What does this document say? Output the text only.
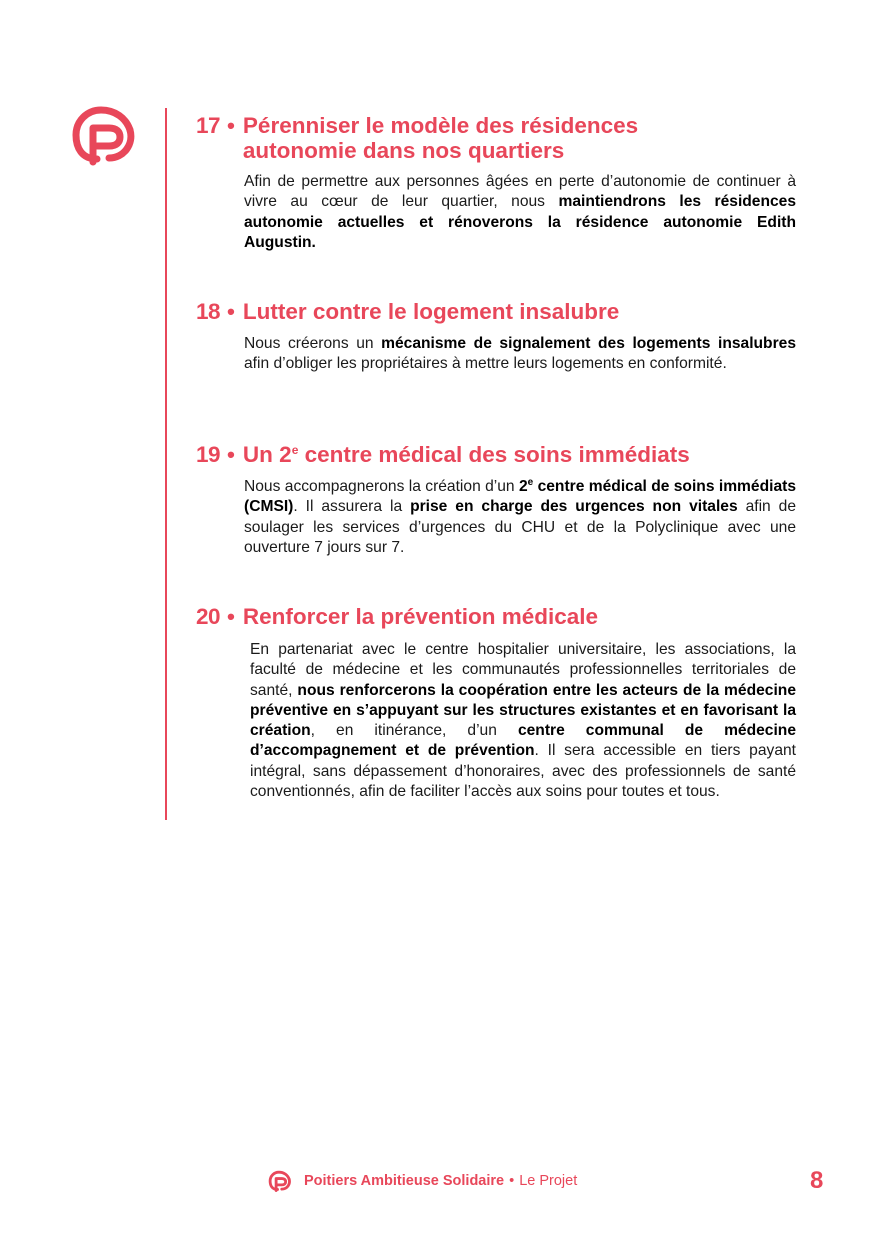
17 • Pérenniser le modèle des résidences
autonomie dans nos quartiers

Afin de permettre aux personnes âgées en perte d’autonomie de continuer à vivre au cœur de leur quartier, nous maintiendrons les résidences autonomie actuelles et rénoverons la résidence autonomie Edith Augustin.

18 • Lutter contre le logement insalubre

Nous créerons un mécanisme de signalement des logements insalubres afin d’obliger les propriétaires à mettre leurs logements en conformité.

19 • Un 2e centre médical des soins immédiats

Nous accompagnerons la création d’un 2e centre médical de soins immédiats (CMSI). Il assurera la prise en charge des urgences non vitales afin de soulager les services d’urgences du CHU et de la Polyclinique avec une ouverture 7 jours sur 7.

20 • Renforcer la prévention médicale

En partenariat avec le centre hospitalier universitaire, les associations, la faculté de médecine et les communautés professionnelles territoriales de santé, nous renforcerons la coopération entre les acteurs de la médecine préventive en s’appuyant sur les structures existantes et en favorisant la création, en itinérance, d’un centre communal de médecine d’accompagnement et de prévention. Il sera accessible en tiers payant intégral, sans dépassement d’honoraires, avec des professionnels de santé conventionnés, afin de faciliter l’accès aux soins pour toutes et tous.

Poitiers Ambitieuse Solidaire • Le Projet	8
